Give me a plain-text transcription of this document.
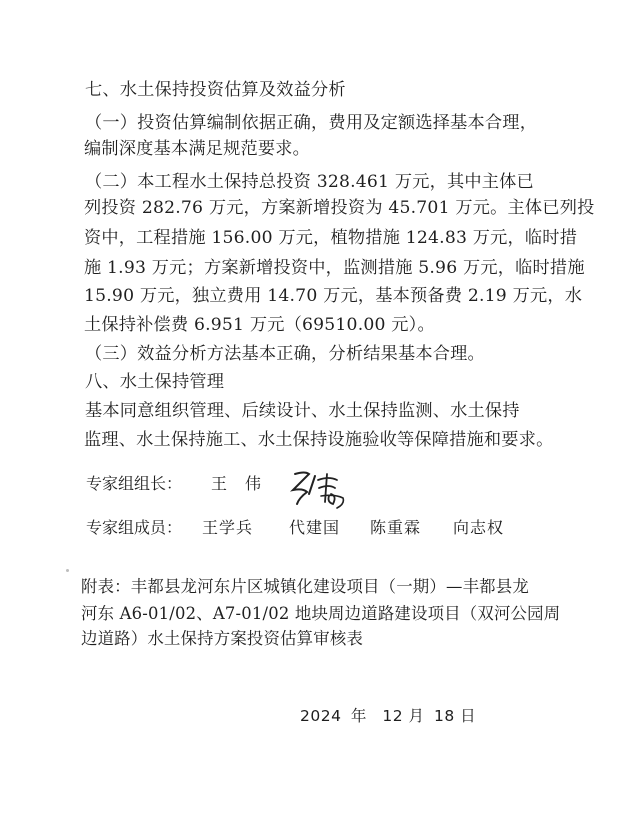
七、水土保持投资估算及效益分析
（一）投资估算编制依据正确，费用及定额选择基本合理，
编制深度基本满足规范要求。
（二）本工程水土保持总投资 328.461 万元，其中主体已
列投资 282.76 万元，方案新增投资为 45.701 万元。主体已列投
资中，工程措施 156.00 万元，植物措施 124.83 万元，临时措
施 1.93 万元；方案新增投资中，监测措施 5.96 万元，临时措施
15.90 万元，独立费用 14.70 万元，基本预备费 2.19 万元，水
土保持补偿费 6.951 万元（69510.00 元）。
（三）效益分析方法基本正确，分析结果基本合理。
八、水土保持管理
基本同意组织管理、后续设计、水土保持监测、水土保持
监理、水土保持施工、水土保持设施验收等保障措施和要求。
专家组组长： 王　伟
专家组成员： 王学兵 代建国 陈重霖 向志权
附表：丰都县龙河东片区城镇化建设项目（一期）—丰都县龙
河东 A6-01/02、A7-01/02 地块周边道路建设项目（双河公园周
边道路）水土保持方案投资估算审核表
2024 年 12 月 18 日
